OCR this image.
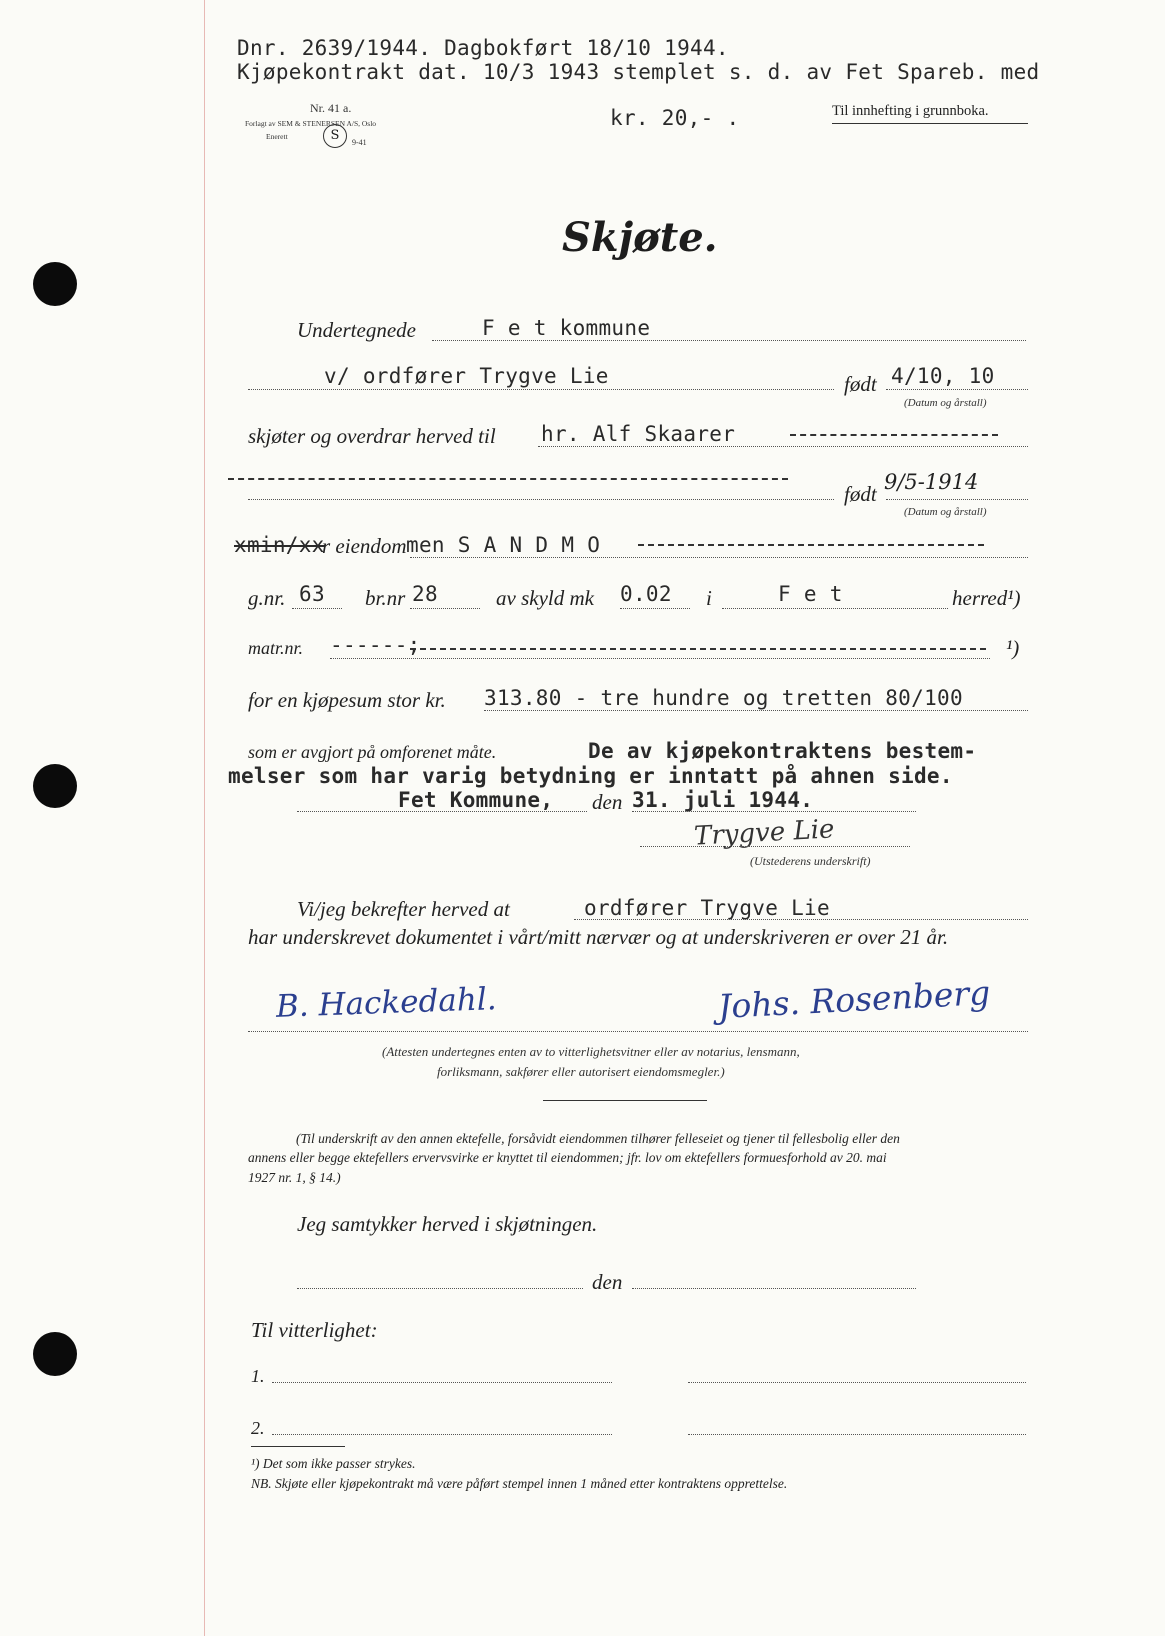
Dnr. 2639/1944. Dagbokført 18/10 1944.
Kjøpekontrakt dat. 10/3 1943 stemplet s. d. av Fet Spareb. med
Nr. 41 a.
Forlagt av SEM & STENERSEN A/S, Oslo
Enerett	S	9-41
kr. 20,- .	Til innhefting i grunnboka.
Skjøte.
Undertegnede	F e t kommune
v/ ordfører Trygve Lie	født 4/10, 10
(Datum og årstall)
skjøter og overdrar herved til hr. Alf Skaarer
født 9/5-1914
(Datum og årstall)
xmin/xx
r eiendom men S A N D M O
g.nr. 63 br.nr 28	av skyld mk 0.02 i	F e t	herred¹)
matr.nr. ------;	¹)
for en kjøpesum stor kr. 313.80 - tre hundre og tretten 80/100
som er avgjort på omforenet måte.	De av kjøpekontraktens bestem-
melser som har varig betydning er inntatt på ahnen side.
Fet Kommune, den 31. juli 1944.
Trygve Lie
(Utstederens underskrift)
Vi/jeg bekrefter herved at	ordfører Trygve Lie
har underskrevet dokumentet i vårt/mitt nærvær og at underskriveren er over 21 år.
B. Hackedahl.	Johs. Rosenberg
(Attesten undertegnes enten av to vitterlighetsvitner eller av notarius, lensmann,
forliksmann, sakfører eller autorisert eiendomsmegler.)
(Til underskrift av den annen ektefelle, forsåvidt eiendommen tilhører felleseiet og tjener til fellesbolig eller den
annens eller begge ektefellers ervervsvirke er knyttet til eiendommen; jfr. lov om ektefellers formuesforhold av 20. mai
1927 nr. 1, § 14.)
Jeg samtykker herved i skjøtningen.
den
Til vitterlighet:
1.
2.
¹) Det som ikke passer strykes.
NB. Skjøte eller kjøpekontrakt må være påført stempel innen 1 måned etter kontraktens opprettelse.
